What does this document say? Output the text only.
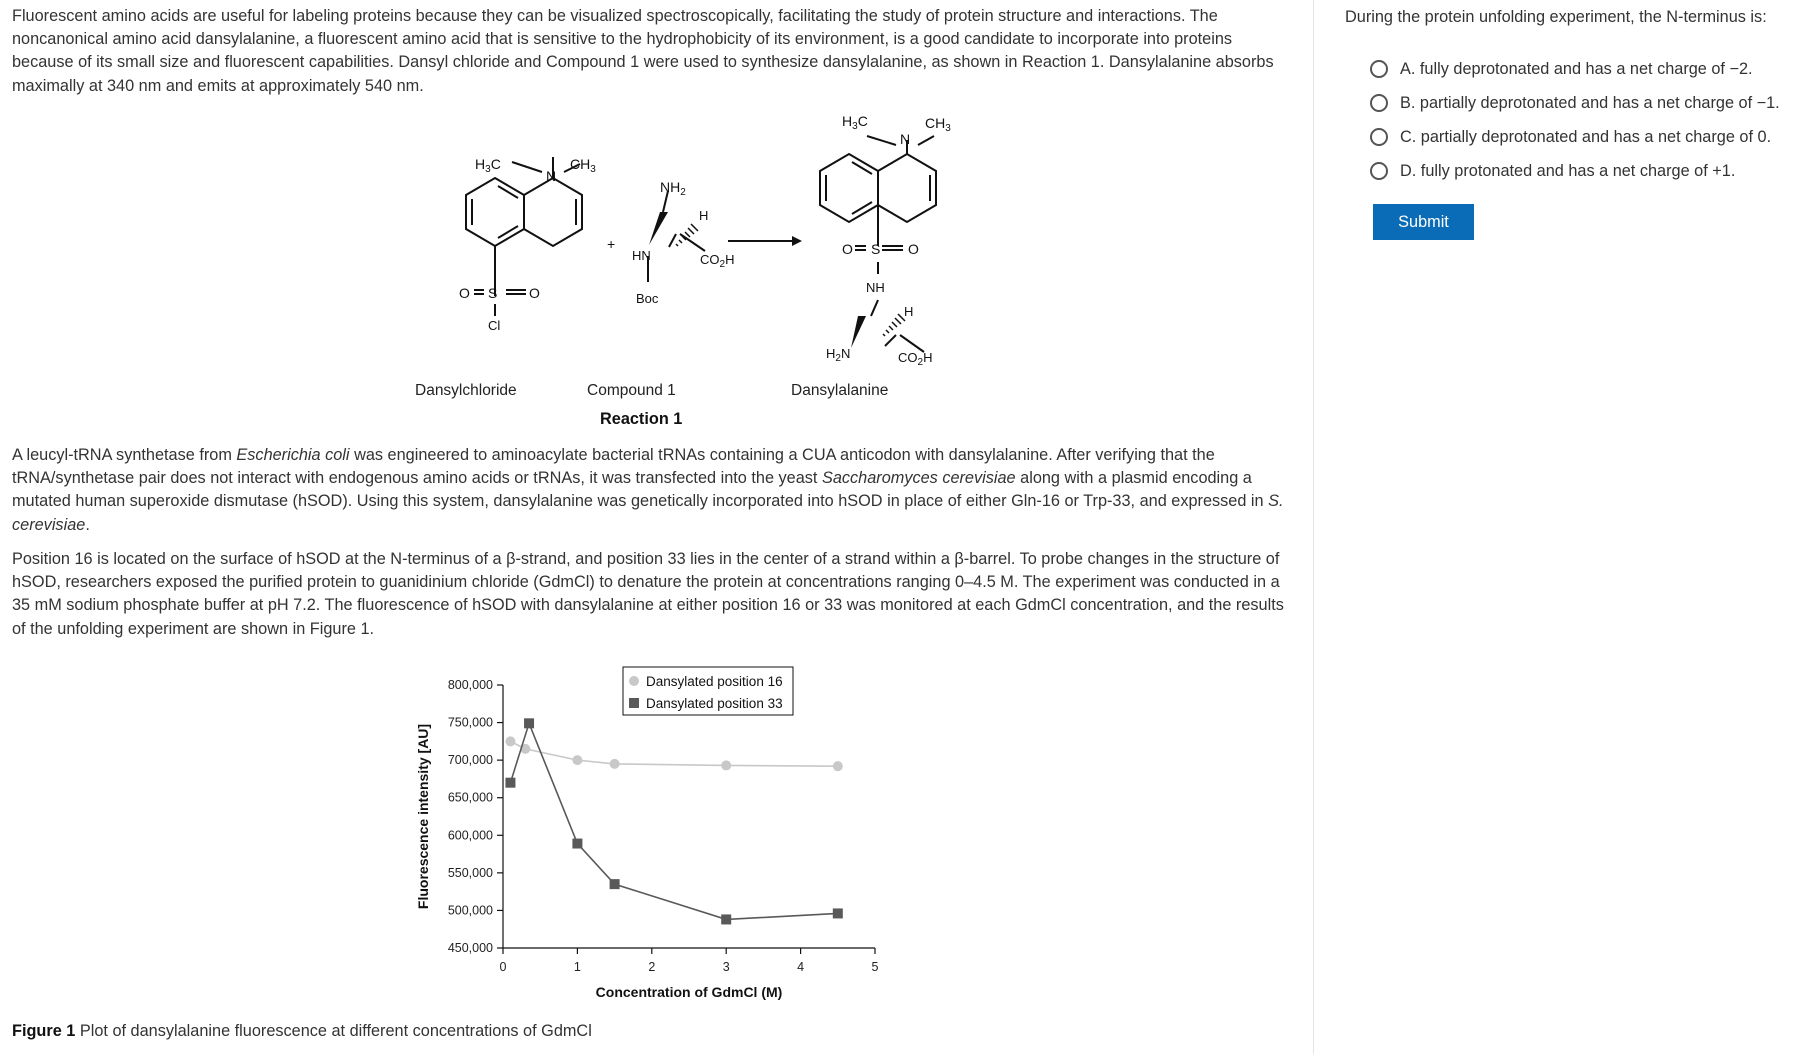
Fluorescent amino acids are useful for labeling proteins because they can be visualized spectroscopically, facilitating the study of protein structure and interactions. The noncanonical amino acid dansylalanine, a fluorescent amino acid that is sensitive to the hydrophobicity of its environment, is a good candidate to incorporate into proteins because of its small size and fluorescent capabilities. Dansyl chloride and Compound 1 were used to synthesize dansylalanine, as shown in Reaction 1. Dansylalanine absorbs maximally at 340 nm and emits at approximately 540 nm.

$H_3C$
N
$CH_3$
S
O	O
Cl
+
$NH_2$
H
HN	$CO_2H$
Boc
$H_3C$
N
$CH_3$
S
O	O
NH
H
$H_2N$	$CO_2H$
Dansylchloride	Compound 1	Dansylalanine
Reaction 1

A leucyl-tRNA synthetase from Escherichia coli was engineered to aminoacylate bacterial tRNAs containing a CUA anticodon with dansylalanine. After verifying that the tRNA/synthetase pair does not interact with endogenous amino acids or tRNAs, it was transfected into the yeast Saccharomyces cerevisiae along with a plasmid encoding a mutated human superoxide dismutase (hSOD). Using this system, dansylalanine was genetically incorporated into hSOD in place of either Gln-16 or Trp-33, and expressed in S. cerevisiae.

Position 16 is located on the surface of hSOD at the N-terminus of a β-strand, and position 33 lies in the center of a strand within a β-barrel. To probe changes in the structure of hSOD, researchers exposed the purified protein to guanidinium chloride (GdmCl) to denature the protein at concentrations ranging 0–4.5 M. The experiment was conducted in a 35 mM sodium phosphate buffer at pH 7.2. The fluorescence of hSOD with dansylalanine at either position 16 or 33 was monitored at each GdmCl concentration, and the results of the unfolding experiment are shown in Figure 1.

800,000
750,000
700,000
650,000
600,000
550,000
500,000
450,000
0	1	2	3	4	5
Concentration of GdmCl (M)
Fluorescence intensity [AU]
Dansylated position 16
Dansylated position 33
Figure 1 Plot of dansylalanine fluorescence at different concentrations of GdmCl
During the protein unfolding experiment, the N-terminus is:
A. fully deprotonated and has a net charge of −2.
B. partially deprotonated and has a net charge of −1.
C. partially deprotonated and has a net charge of 0.
D. fully protonated and has a net charge of +1.
Submit
